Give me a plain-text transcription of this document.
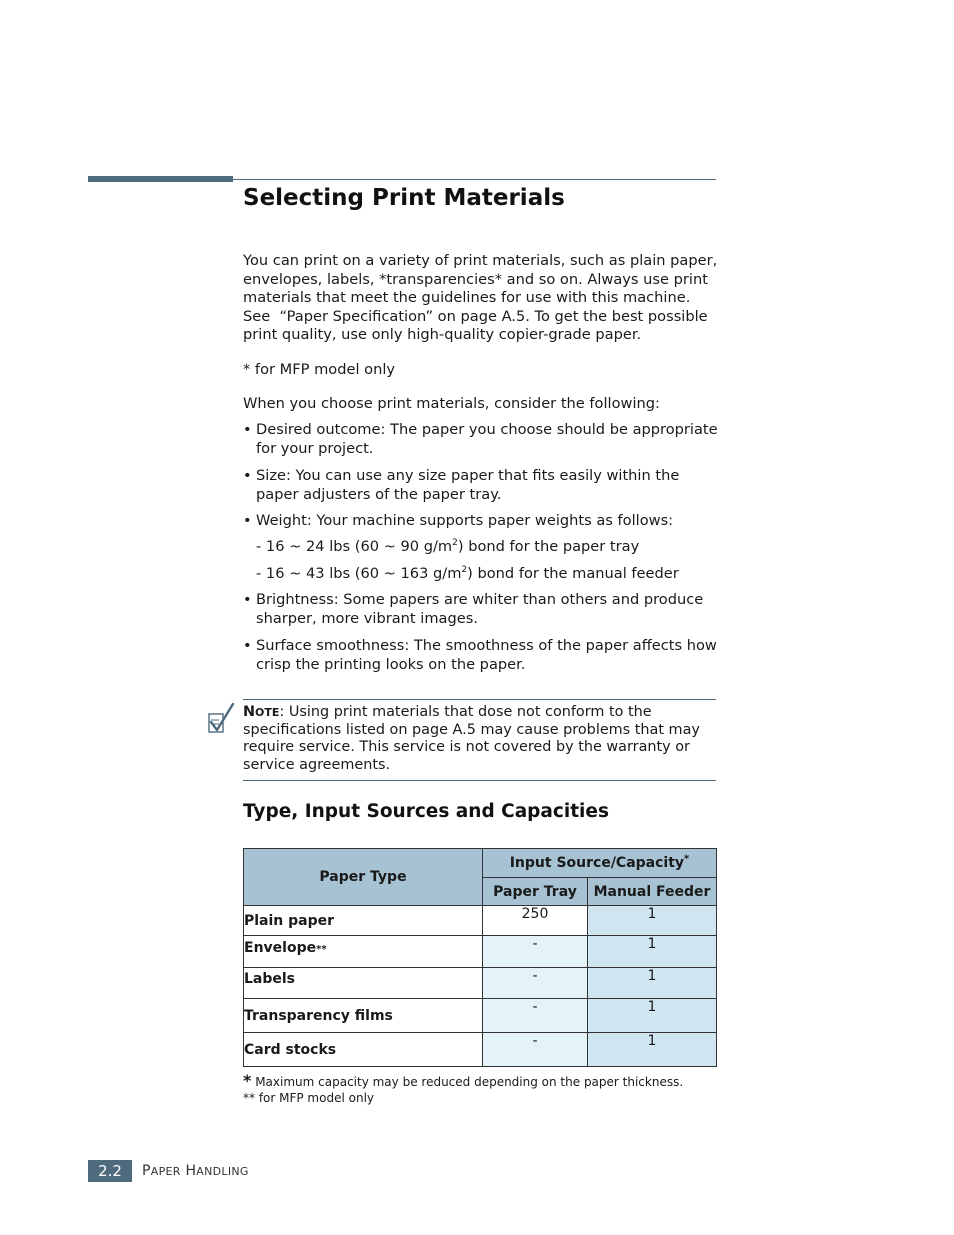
Selecting Print Materials

You can print on a variety of print materials, such as plain paper, envelopes, labels, *transparencies* and so on. Always use print materials that meet the guidelines for use with this machine. See  “Paper Specification” on page A.5. To get the best possible print quality, use only high-quality copier-grade paper.

* for MFP model only

When you choose print materials, consider the following:

• Desired outcome: The paper you choose should be appropriate for your project.
• Size: You can use any size paper that fits easily within the paper adjusters of the paper tray.
• Weight: Your machine supports paper weights as follows:
- 16 ~ 24 lbs (60 ~ 90 $g/m^2$) bond for the paper tray
- 16 ~ 43 lbs (60 ~ 163 $g/m^2$) bond for the manual feeder
• Brightness: Some papers are whiter than others and produce sharper, more vibrant images.
• Surface smoothness: The smoothness of the paper affects how crisp the printing looks on the paper.
NOTE: Using print materials that dose not conform to the specifications listed on page A.5 may cause problems that may require service. This service is not covered by the warranty or service agreements.
Type, Input Sources and Capacities
Paper Type	Input Source/Capacity*
	Paper Tray	Manual Feeder
Plain paper	250	1
Envelope**	-	1
Labels	-	1
Transparency films	-	1
Card stocks	-	1
* Maximum capacity may be reduced depending on the paper thickness.
** for MFP model only
2.2	PAPER HANDLING
